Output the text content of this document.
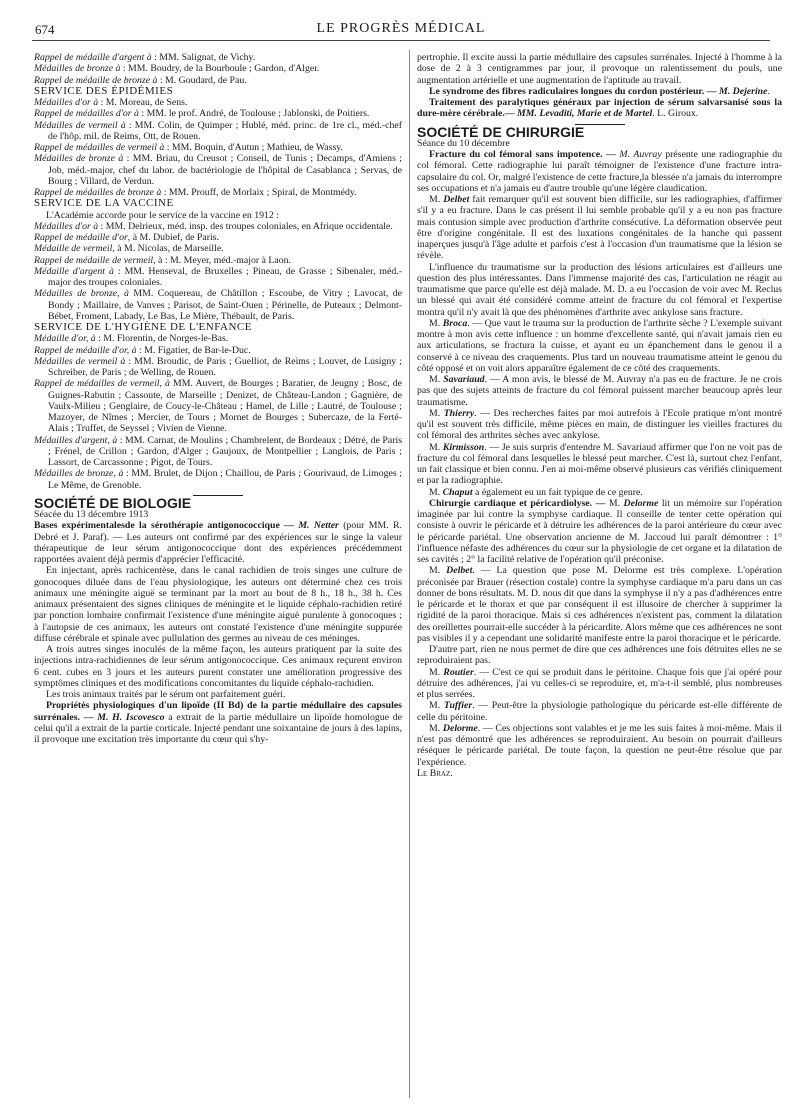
674	LE PROGRÈS MÉDICAL

Rappel de médaille d'argent à : MM. Salignat, de Vichy.

Médailles de bronze à : MM. Boudry, de la Bourboule ; Gardon, d'Alger.

Rappel de médaille de bronze à : M. Goudard, de Pau.

SERVICE DES ÉPIDÉMIES

Médailles d'or à : M. Moreau, de Sens.

Rappel de médailles d'or à : MM. le prof. André, de Toulouse ; Jablonski, de Poitiers.

Médailles de vermeil à : MM. Colin, de Quimper ; Hublé, méd. princ. de 1re cl., méd.-chef de l'hôp. mil. de Reims, Ott, de Rouen.

Rappel de médailles de vermeil à : MM. Boquin, d'Autun ; Mathieu, de Wassy.

Médailles de bronze à : MM. Briau, du Creusot ; Conseil, de Tunis ; Decamps, d'Amiens ; Job, méd.-major, chef du labor. de bactériologie de l'hôpital de Casablanca ; Servas, de Bourg ; Villard, de Verdun.

Rappel de médailles de bronze à : MM. Prouff, de Morlaix ; Spiral, de Montmédy.

SERVICE DE LA VACCINE

L'Académie accorde pour le service de la vaccine en 1912 :

Médailles d'or à : MM. Delrieux, méd. insp. des troupes coloniales, en Afrique occidentale.

Rappel de médaille d'or, à M. Dubief, de Paris.

Médaille de vermeil, à M. Nicolas, de Marseille.

Rappel de médaille de vermeil, à : M. Meyer, méd.-major à Laon.

Médaille d'argent à : MM. Henseval, de Bruxelles ; Pineau, de Grasse ; Sibenaler, méd.-major des troupes coloniales.

Médailles de bronze, à MM. Coquereau, de Châtillon ; Escoube, de Vitry ; Lavocat, de Bondy ; Maillaire, de Vanves ; Parisot, de Saint-Ouen ; Périnelle, de Puteaux ; Delmont-Bébet, Froment, Labady, Le Bas, Le Mière, Thébault, de Paris.

SERVICE DE L'HYGIÈNE DE L'ENFANCE

Médaille d'or, à : M. Florentin, de Norges-le-Bas.

Rappel de médaille d'or, à : M. Figatier, de Bar-le-Duc.

Médailles de vermeil à : MM. Broudic, de Paris ; Guelliot, de Reims ; Louvet, de Lusigny ; Schreiber, de Paris ; de Welling, de Rouen.

Rappel de médailles de vermeil, à MM. Auvert, de Bourges ; Baratier, de Jeugny ; Bosc, de Guignes-Rabutin ; Cassoute, de Marseille ; Denizet, de Château-Landon ; Gagnière, de Vaulx-Milieu ; Genglaire, de Coucy-le-Château ; Hamel, de Lille ; Lautré, de Toulouse ; Mazoyer, de Nîmes ; Mercier, de Tours ; Mornet de Bourges ; Subercaze, de la Ferté-Alais ; Truffet, de Seyssel ; Vivien de Vienne.

Médailles d'argent, à : MM. Carnat, de Moulins ; Chambrelent, de Bordeaux ; Détré, de Paris ; Frénel, de Crillon ; Gardon, d'Alger ; Gaujoux, de Montpellier ; Langlois, de Paris ; Lassort, de Carcassonne ; Pigot, de Tours.

Médailles de bronze, à : MM. Brulet, de Dijon ; Chaillou, de Paris ; Gourivaud, de Limoges ; Le Même, de Grenoble.

SOCIÉTÉ DE BIOLOGIE

Séacée du 13 décembre 1913

Bases expérimentalesde la sérothérapie antigonococcique — M. Netter (pour MM. R. Debré et J. Paraf). — Les auteurs ont confirmé par des expériences sur le singe la valeur thérapeutique de leur sérum antigonococcique dont des expériences précédemment rapportées avaient déjà permis d'apprécier l'efficacité.

En injectant, après rachicentèse, dans le canal rachidien de trois singes une culture de gonocoques diluée dans de l'eau physiologique, les auteurs ont déterminé chez ces trois animaux une méningite aiguë se terminant par la mort au bout de 8 h., 18 h., 38 h. Ces animaux présentaient des signes cliniques de méningite et le liquide céphalo-rachidien retiré par ponction lombaire confirmait l'existence d'une méningite aiguë purulente à gonocoques ; à l'autopsie de ces animaux, les auteurs ont constaté l'existence d'une méningite suppurée diffuse cérébrale et spinale avec pullulation des germes au niveau de ces méninges.

A trois autres singes inoculés de la même façon, les auteurs pratiquent par la suite des injections intra-rachidiennes de leur sérum antigonococcique. Ces animaux reçurent environ 6 cent. cubes en 3 jours et les auteurs purent constater une amélioration progressive des symptômes cliniques et des modifications concomitantes du liquide céphalo-rachidien.

Les trois animaux traités par le sérum ont parfaitement guéri.

Propriétés physiologiques d'un lipoïde (II Bd) de la partie médullaire des capsules surrénales. — M. H. Iscovesco a extrait de la partie médullaire un lipoïde homologue de celui qu'il a extrait de la partie corticale. Injecté pendant une soixantaine de jours à des lapins, il provoque une excitation très importante du cœur qui s'hy-

pertrophie. Il excite aussi la partie médullaire des capsules surrénales. Injecté à l'homme à la dose de 2 à 3 centigrammes par jour, il provoque un ralentissement du pouls, une augmentation artérielle et une augmentation de l'aptitude au travail.

Le syndrome des fibres radiculaires longues du cordon postérieur. — M. Dejerine.

Traitement des paralytiques généraux par injection de sérum salvarsanisé sous la dure-mère cérébrale.— MM. Levaditi, Marie et de Martel. L. Giroux.

SOCIÉTÉ DE CHIRURGIE

Séance du 10 décembre

Fracture du col fémoral sans impotence. — M. Auvray présente une radiographie du col fémoral. Cette radiographie lui paraît témoigner de l'existence d'une fracture intra-capsulaire du col. Or, malgré l'existence de cette fracture,la blessée n'a jamais du interrompre ses occupations et n'a jamais eu d'autre trouble qu'une légère claudication.

M. Delbet fait remarquer qu'il est souvent bien difficile, sur les radiographies, d'affirmer s'il y a eu fracture. Dans le cas présent il lui semble probable qu'il y a eu non pas fracture mais contusion simple avec production d'arthrite consécutive. La déformation observée peut être d'origine congénitale. Il est des luxations congénitales de la hanche qui passent inaperçues jusqu'à l'âge adulte et parfois c'est à l'occasion d'un traumatisme que la lésion se révèle.

L'influence du traumatisme sur la production des lésions articulaires est d'ailleurs une question des plus intéressantes. Dans l'immense majorité des cas, l'articulation ne réagit au traumatisme que parce qu'elle est déjà malade. M. D. a eu l'occasion de voir avec M. Reclus un blessé qui avait été considéré comme atteint de fracture du col fémoral et l'expertise montra qu'il n'y avait là que des phénomènes d'arthrite avec ankylose sans fracture.

M. Broca. — Que vaut le trauma sur la production de l'arthrite sèche ? L'exemple suivant montre à mon avis cette influence : un homme d'excellente santé, qui n'avait jamais rien eu aux articulations, se fractura la cuisse, et ayant eu un épanchement dans le genou il a conservé à ce niveau des craquements. Plus tard un nouveau traumatisme atteint le genou du côté opposé et on voit alors apparaître également de ce côté des craquements.

M. Savariaud. — A mon avis, le blessé de M. Auvray n'a pas eu de fracture. Je ne crois pas que des sujets atteints de fracture du col fémoral puissent marcher beaucoup après leur traumatisme.

M. Thierry. — Des recherches faites par moi autrefois à l'Ecole pratique m'ont montré qu'il est souvent très difficile, même pièces en main, de distinguer les vieilles fractures du col fémoral des arthrites sèches avec ankylose.

M. Kirmisson. — Je suis surpris d'entendre M. Savariaud affirmer que l'on ne voit pas de fracture du col fémoral dans lesquelles le blessé peut marcher. C'est là, surtout chez l'enfant, un fait classique et bien connu. J'en ai moi-même observé plusieurs cas vérifiés cliniquement et par la radiographie.

M. Chaput a également eu un fait typique de ce genre.

Chirurgie cardiaque et péricardiolyse. — M. Delorme lit un mémoire sur l'opération imaginée par lui contre la symphyse cardiaque. Il conseille de tenter cette opération qui consiste à ouvrir le péricarde et à détruire les adhérences de la paroi antérieure du cœur avec le péricarde pariétal. Une observation ancienne de M. Jaccoud lui paraît démontrer : 1° l'influence néfaste des adhérences du cœur sur la physiologie de cet organe et la dilatation de ses cavités ; 2° la facilité relative de l'opération qu'il préconise.

M. Delbet. — La question que pose M. Delorme est très complexe. L'opération préconisée par Brauer (résection costale) contre la symphyse cardiaque m'a paru dans un cas donner de bons résultats. M. D. nous dit que dans la symphyse il n'y a pas d'adhérences entre le péricarde et le thorax et que par conséquent il est illusoire de chercher à supprimer la rigidité de la paroi thoracique. Mais si ces adhérences n'existent pas, comment la dilatation des oreillettes pourrait-elle succéder à la péricardite. Alors même que ces adhérences ne sont pas visibles il y a cependant une solidarité manifeste entre la paroi thoracique et le péricarde.

D'autre part, rien ne nous permet de dire que ces adhérences une fois détruites elles ne se reproduiraient pas.

M. Routier. — C'est ce qui se produit dans le péritoine. Chaque fois que j'ai opéré pour détruire des adhérences, j'ai vu celles-ci se reproduire, et, m'a-t-il semblé, plus nombreuses et plus serrées.

M. Tuffier. — Peut-être la physiologie pathologique du péricarde est-elle différente de celle du péritoine.

M. Delorme. — Ces objections sont valables et je me les suis faites à moi-même. Mais il n'est pas démontré que les adhérences se reproduiraient. Au besoin on pourrait d'ailleurs réséquer le péricarde pariétal. De toute façon, la question ne peut-être résolue que par l'expérience.

Le Braz.
